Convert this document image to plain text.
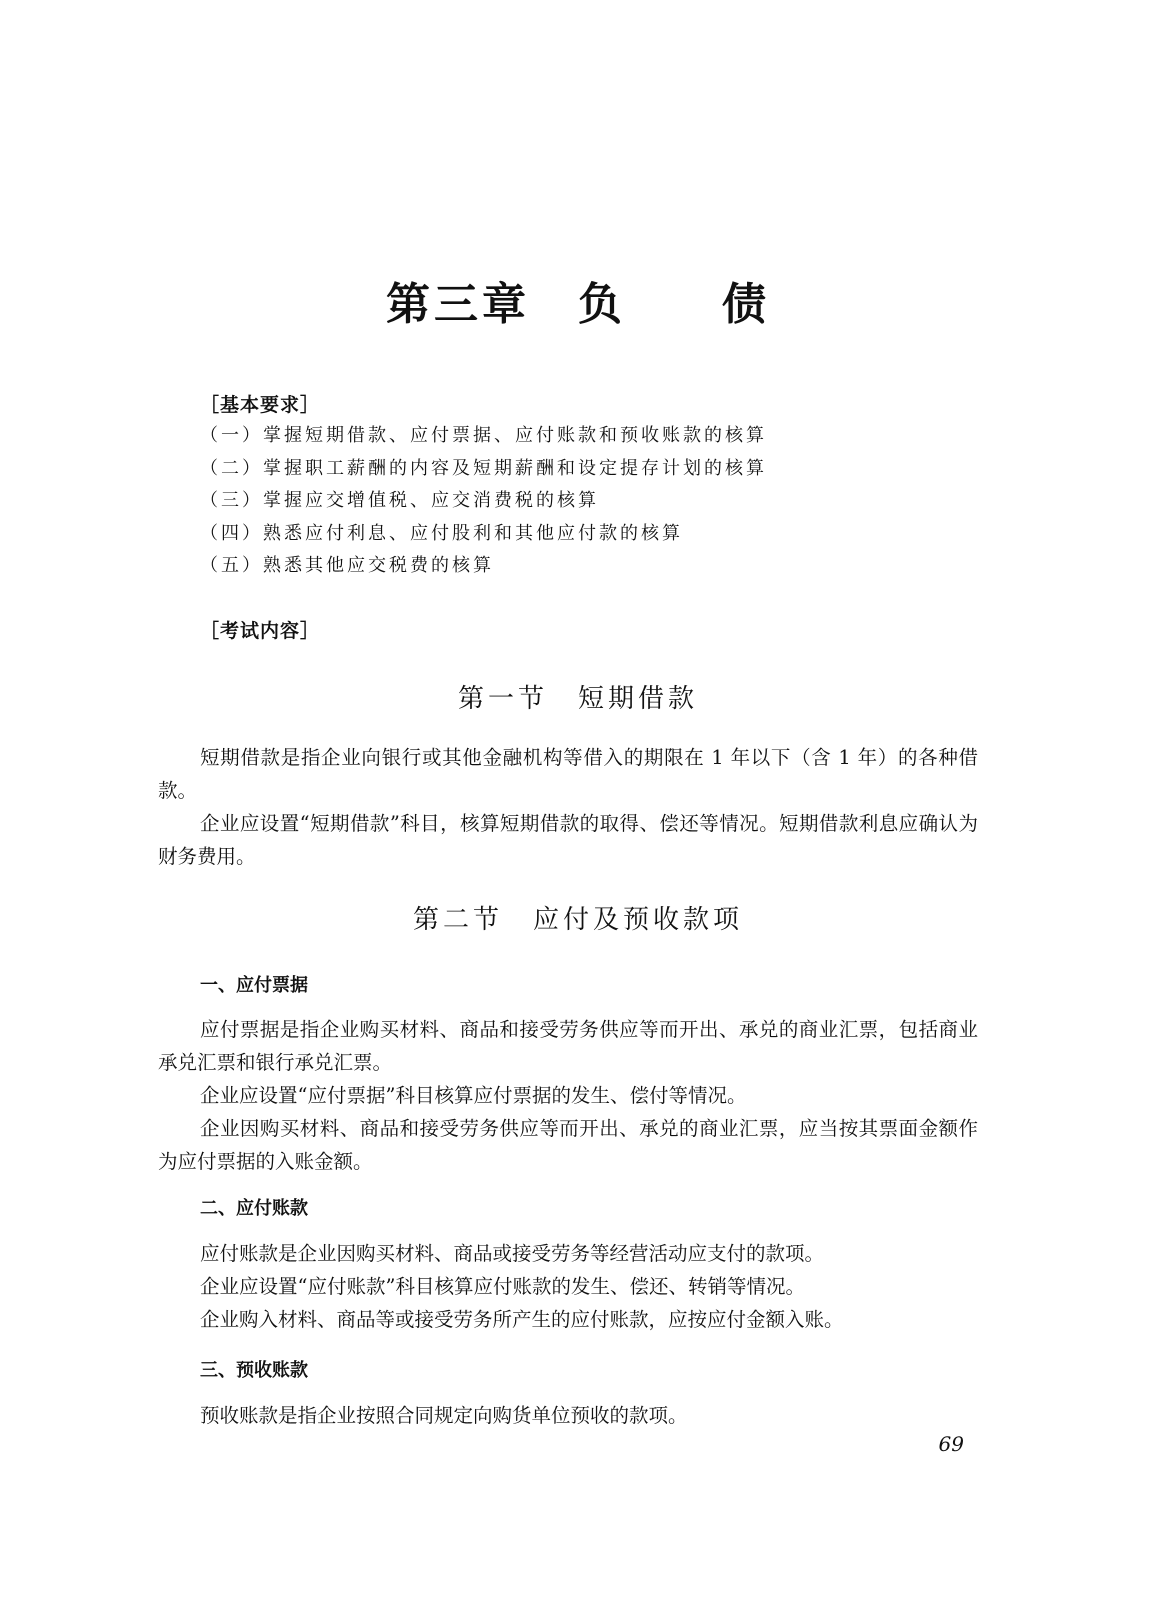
第三章　负　　债
［基本要求］
（一）掌握短期借款、应付票据、应付账款和预收账款的核算
（二）掌握职工薪酬的内容及短期薪酬和设定提存计划的核算
（三）掌握应交增值税、应交消费税的核算
（四）熟悉应付利息、应付股利和其他应付款的核算
（五）熟悉其他应交税费的核算
［考试内容］
第一节　短期借款

短期借款是指企业向银行或其他金融机构等借入的期限在 1 年以下（含 1 年）的各种借款。

企业应设置“短期借款”科目，核算短期借款的取得、偿还等情况。短期借款利息应确认为财务费用。

第二节　应付及预收款项
一、应付票据

应付票据是指企业购买材料、商品和接受劳务供应等而开出、承兑的商业汇票，包括商业承兑汇票和银行承兑汇票。

企业应设置“应付票据”科目核算应付票据的发生、偿付等情况。

企业因购买材料、商品和接受劳务供应等而开出、承兑的商业汇票，应当按其票面金额作为应付票据的入账金额。

二、应付账款

应付账款是企业因购买材料、商品或接受劳务等经营活动应支付的款项。

企业应设置“应付账款”科目核算应付账款的发生、偿还、转销等情况。

企业购入材料、商品等或接受劳务所产生的应付账款，应按应付金额入账。

三、预收账款

预收账款是指企业按照合同规定向购货单位预收的款项。

69
